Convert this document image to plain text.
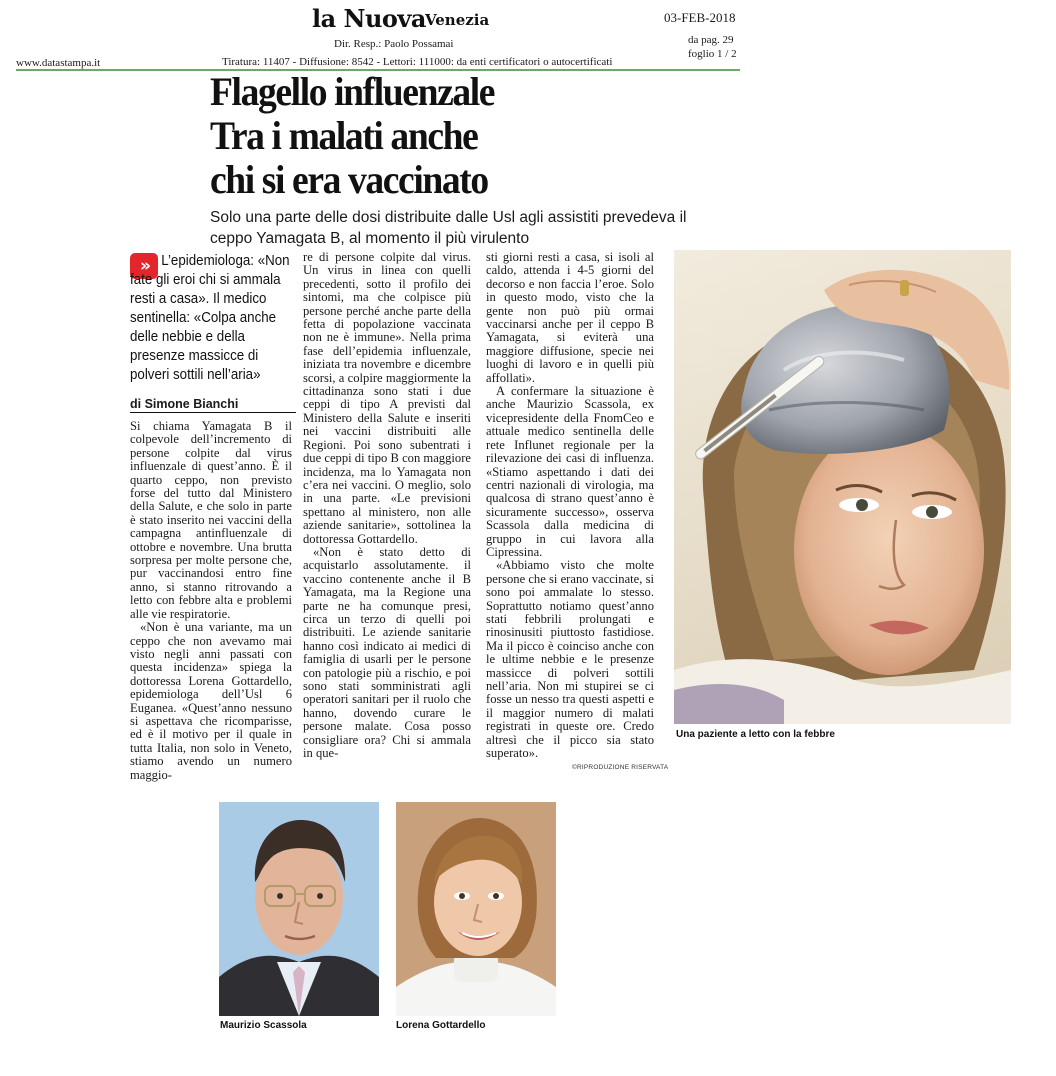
la Nuova Venezia	03-FEB-2018
Dir. Resp.: Paolo Possamai	da pag. 29
foglio 1 / 2
www.datastampa.it	Tiratura: 11407 - Diffusione: 8542 - Lettori: 111000: da enti certificatori o autocertificati
Flagello influenzale
Tra i malati anche
chi si era vaccinato
Solo una parte delle dosi distribuite dalle Usl agli assistiti prevedeva il ceppo Yamagata B, al momento il più virulento
» L’epidemiologa: «Non fate gli eroi chi si ammala resti a casa». Il medico sentinella: «Colpa anche delle nebbie e della presenze massicce di polveri sottili nell’aria»

di Simone Bianchi

Si chiama Yamagata B il colpevole dell’incremento di persone colpite dal virus influenzale di quest’anno. È il quarto ceppo, non previsto forse del tutto dal Ministero della Salute, e che solo in parte è stato inserito nei vaccini della campagna antinfluenzale di ottobre e novembre. Una brutta sorpresa per molte persone che, pur vaccinandosi entro fine anno, si stanno ritrovando a letto con febbre alta e problemi alle vie respiratorie.

«Non è una variante, ma un ceppo che non avevamo mai visto negli anni passati con questa incidenza» spiega la dottoressa Lorena Gottardello, epidemiologa dell’Usl 6 Euganea. «Quest’anno nessuno si aspettava che ricomparisse, ed è il motivo per il quale in tutta Italia, non solo in Veneto, stiamo avendo un numero maggio-

re di persone colpite dal virus. Un virus in linea con quelli precedenti, sotto il profilo dei sintomi, ma che colpisce più persone perché anche parte della fetta di popolazione vaccinata non ne è immune». Nella prima fase dell’epidemia influenzale, iniziata tra novembre e dicembre scorsi, a colpire maggiormente la cittadinanza sono stati i due ceppi di tipo A previsti dal Ministero della Salute e inseriti nei vaccini distribuiti alle Regioni. Poi sono subentrati i due ceppi di tipo B con maggiore incidenza, ma lo Yamagata non c’era nei vaccini. O meglio, solo in una parte. «Le previsioni spettano al ministero, non alle aziende sanitarie», sottolinea la dottoressa Gottardello.

«Non è stato detto di acquistarlo assolutamente. il vaccino contenente anche il B Yamagata, ma la Regione una parte ne ha comunque presi, circa un terzo di quelli poi distribuiti. Le aziende sanitarie hanno così indicato ai medici di famiglia di usarli per le persone con patologie più a rischio, e poi sono stati somministrati agli operatori sanitari per il ruolo che hanno, dovendo curare le persone malate. Cosa posso consigliare ora? Chi si ammala in que-

sti giorni resti a casa, si isoli al caldo, attenda i 4-5 giorni del decorso e non faccia l’eroe. Solo in questo modo, visto che la gente non può più ormai vaccinarsi anche per il ceppo B Yamagata, si eviterà una maggiore diffusione, specie nei luoghi di lavoro e in quelli più affollati».

A confermare la situazione è anche Maurizio Scassola, ex vicepresidente della FnomCeo e attuale medico sentinella delle rete Influnet regionale per la rilevazione dei casi di influenza. «Stiamo aspettando i dati dei centri nazionali di virologia, ma qualcosa di strano quest’anno è sicuramente successo», osserva Scassola dalla medicina di gruppo in cui lavora alla Cipressina.

«Abbiamo visto che molte persone che si erano vaccinate, si sono poi ammalate lo stesso. Soprattutto notiamo quest’anno stati febbrili prolungati e rinosinusiti piuttosto fastidiose. Ma il picco è coinciso anche con le ultime nebbie e le presenze massicce di polveri sottili nell’aria. Non mi stupirei se ci fosse un nesso tra questi aspetti e il maggior numero di malati registrati in queste ore. Credo altresì che il picco sia stato superato».

©RIPRODUZIONE RISERVATA
Una paziente a letto con la febbre
Maurizio Scassola	Lorena Gottardello
